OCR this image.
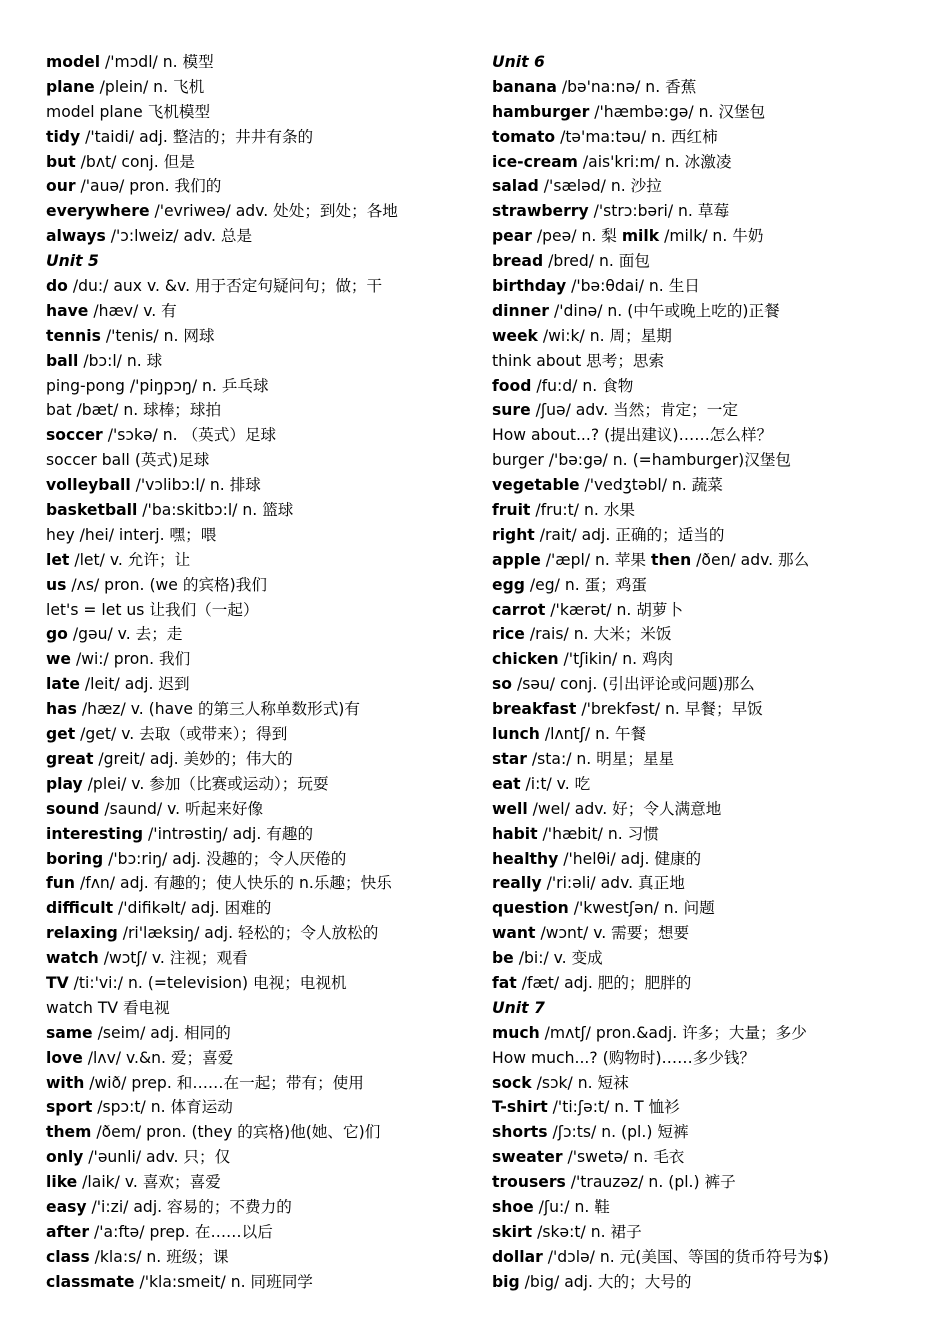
model /'mɔdl/ n. 模型
plane /plein/ n. 飞机
model plane 飞机模型
tidy /'taidi/ adj. 整洁的；井井有条的
but /bʌt/ conj. 但是
our /'auə/ pron. 我们的
everywhere /'evriweə/ adv. 处处；到处；各地
always /'ɔ:lweiz/ adv. 总是
Unit 5
do /du:/ aux v. &v. 用于否定句疑问句；做；干
have /hæv/ v. 有
tennis /'tenis/ n. 网球
ball /bɔ:l/ n. 球
ping-pong /'piŋpɔŋ/ n. 乒乓球
bat /bæt/ n. 球棒；球拍
soccer /'sɔkə/ n. （英式）足球
soccer ball (英式)足球
volleyball /'vɔlibɔ:l/ n. 排球
basketball /'ba:skitbɔ:l/ n. 篮球
hey /hei/ interj. 嘿；喂
let /let/ v. 允许；让
us /ʌs/ pron. (we 的宾格)我们
let's = let us 让我们（一起）
go /gəu/ v. 去；走
we /wi:/ pron. 我们
late /leit/ adj. 迟到
has /hæz/ v. (have 的第三人称单数形式)有
get /get/ v. 去取（或带来）；得到
great /greit/ adj. 美妙的；伟大的
play /plei/ v. 参加（比赛或运动）；玩耍
sound /saund/ v. 听起来好像
interesting /'intrəstiŋ/ adj. 有趣的
boring /'bɔ:riŋ/ adj. 没趣的；令人厌倦的
fun /fʌn/ adj. 有趣的；使人快乐的 n.乐趣；快乐
difficult /'difikəlt/ adj. 困难的
relaxing /ri'læksiŋ/ adj. 轻松的；令人放松的
watch /wɔtʃ/ v. 注视；观看
TV /ti:'vi:/ n. (=television) 电视；电视机
watch TV 看电视
same /seim/ adj. 相同的
love /lʌv/ v.&n. 爱；喜爱
with /wið/ prep. 和……在一起；带有；使用
sport /spɔ:t/ n. 体育运动
them /ðem/ pron. (they 的宾格)他(她、它)们
only /'əunli/ adv. 只；仅
like /laik/ v. 喜欢；喜爱
easy /'i:zi/ adj. 容易的；不费力的
after /'a:ftə/ prep. 在……以后
class /kla:s/ n. 班级；课
classmate /'kla:smeit/ n. 同班同学
Unit 6
banana /bə'na:nə/ n. 香蕉
hamburger /'hæmbə:gə/ n. 汉堡包
tomato /tə'ma:təu/ n. 西红柿
ice-cream /ais'kri:m/ n. 冰激凌
salad /'sæləd/ n. 沙拉
strawberry /'strɔ:bəri/ n. 草莓
pear /peə/ n. 梨 milk /milk/ n. 牛奶
bread /bred/ n. 面包
birthday /'bə:θdai/ n. 生日
dinner /'dinə/ n. (中午或晚上吃的)正餐
week /wi:k/ n. 周；星期
think about 思考；思索
food /fu:d/ n. 食物
sure /ʃuə/ adv. 当然；肯定；一定
How about...? (提出建议)……怎么样？
burger /'bə:gə/ n. (=hamburger)汉堡包
vegetable /'vedʒtəbl/ n. 蔬菜
fruit /fru:t/ n. 水果
right /rait/ adj. 正确的；适当的
apple /'æpl/ n. 苹果 then /ðen/ adv. 那么
egg /eg/ n. 蛋；鸡蛋
carrot /'kærət/ n. 胡萝卜
rice /rais/ n. 大米；米饭
chicken /'tʃikin/ n. 鸡肉
so /səu/ conj. (引出评论或问题)那么
breakfast /'brekfəst/ n. 早餐；早饭
lunch /lʌntʃ/ n. 午餐
star /sta:/ n. 明星；星星
eat /i:t/ v. 吃
well /wel/ adv. 好；令人满意地
habit /'hæbit/ n. 习惯
healthy /'helθi/ adj. 健康的
really /'ri:əli/ adv. 真正地
question /'kwestʃən/ n. 问题
want /wɔnt/ v. 需要；想要
be /bi:/ v. 变成
fat /fæt/ adj. 肥的；肥胖的
Unit 7
much /mʌtʃ/ pron.&adj. 许多；大量；多少
How much...? (购物时)……多少钱？
sock /sɔk/ n. 短袜
T-shirt /'ti:ʃə:t/ n. T 恤衫
shorts /ʃɔ:ts/ n. (pl.) 短裤
sweater /'swetə/ n. 毛衣
trousers /'trauzəz/ n. (pl.) 裤子
shoe /ʃu:/ n. 鞋
skirt /skə:t/ n. 裙子
dollar /'dɔlə/ n. 元(美国、等国的货币符号为$)
big /big/ adj. 大的；大号的
